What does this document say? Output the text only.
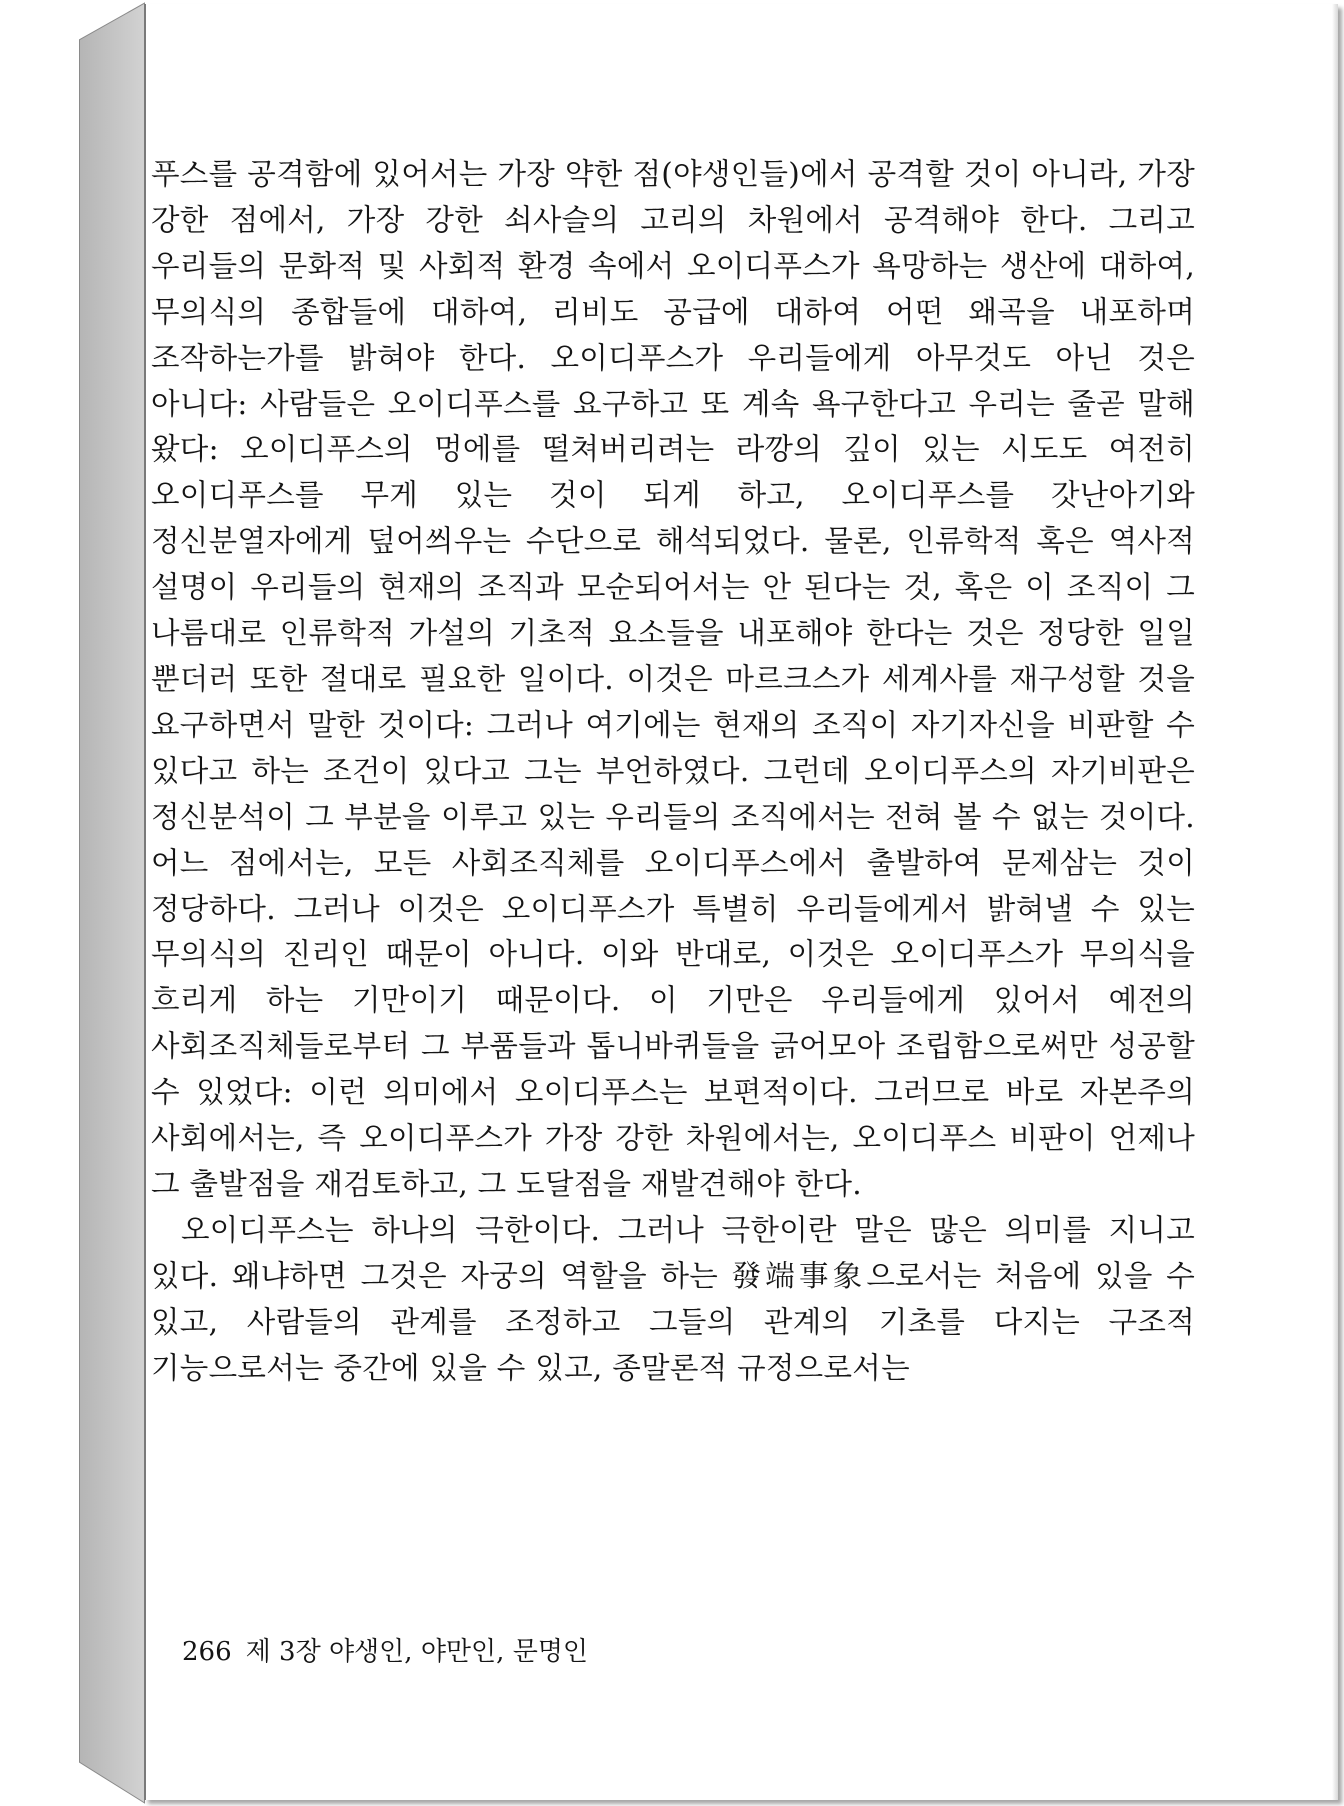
푸스를 공격함에 있어서는 가장 약한 점(야생인들)에서 공격할 것이 아니라, 가장 강한 점에서, 가장 강한 쇠사슬의 고리의 차원에서 공격해야 한다. 그리고 우리들의 문화적 및 사회적 환경 속에서 오이디푸스가 욕망하는 생산에 대하여, 무의식의 종합들에 대하여, 리비도 공급에 대하여 어떤 왜곡을 내포하며 조작하는가를 밝혀야 한다. 오이디푸스가 우리들에게 아무것도 아닌 것은 아니다: 사람들은 오이디푸스를 요구하고 또 계속 욕구한다고 우리는 줄곧 말해 왔다: 오이디푸스의 멍에를 떨쳐버리려는 라깡의 깊이 있는 시도도 여전히 오이디푸스를 무게 있는 것이 되게 하고, 오이디푸스를 갓난아기와 정신분열자에게 덮어씌우는 수단으로 해석되었다. 물론, 인류학적 혹은 역사적 설명이 우리들의 현재의 조직과 모순되어서는 안 된다는 것, 혹은 이 조직이 그 나름대로 인류학적 가설의 기초적 요소들을 내포해야 한다는 것은 정당한 일일 뿐더러 또한 절대로 필요한 일이다. 이것은 마르크스가 세계사를 재구성할 것을 요구하면서 말한 것이다: 그러나 여기에는 현재의 조직이 자기자신을 비판할 수 있다고 하는 조건이 있다고 그는 부언하였다. 그런데 오이디푸스의 자기비판은 정신분석이 그 부분을 이루고 있는 우리들의 조직에서는 전혀 볼 수 없는 것이다. 어느 점에서는, 모든 사회조직체를 오이디푸스에서 출발하여 문제삼는 것이 정당하다. 그러나 이것은 오이디푸스가 특별히 우리들에게서 밝혀낼 수 있는 무의식의 진리인 때문이 아니다. 이와 반대로, 이것은 오이디푸스가 무의식을 흐리게 하는 기만이기 때문이다. 이 기만은 우리들에게 있어서 예전의 사회조직체들로부터 그 부품들과 톱니바퀴들을 긁어모아 조립함으로써만 성공할 수 있었다: 이런 의미에서 오이디푸스는 보편적이다. 그러므로 바로 자본주의 사회에서는, 즉 오이디푸스가 가장 강한 차원에서는, 오이디푸스 비판이 언제나 그 출발점을 재검토하고, 그 도달점을 재발견해야 한다.

오이디푸스는 하나의 극한이다. 그러나 극한이란 말은 많은 의미를 지니고 있다. 왜냐하면 그것은 자궁의 역할을 하는 發端事象으로서는 처음에 있을 수 있고, 사람들의 관계를 조정하고 그들의 관계의 기초를 다지는 구조적 기능으로서는 중간에 있을 수 있고, 종말론적 규정으로서는

266 제 3장 야생인, 야만인, 문명인
